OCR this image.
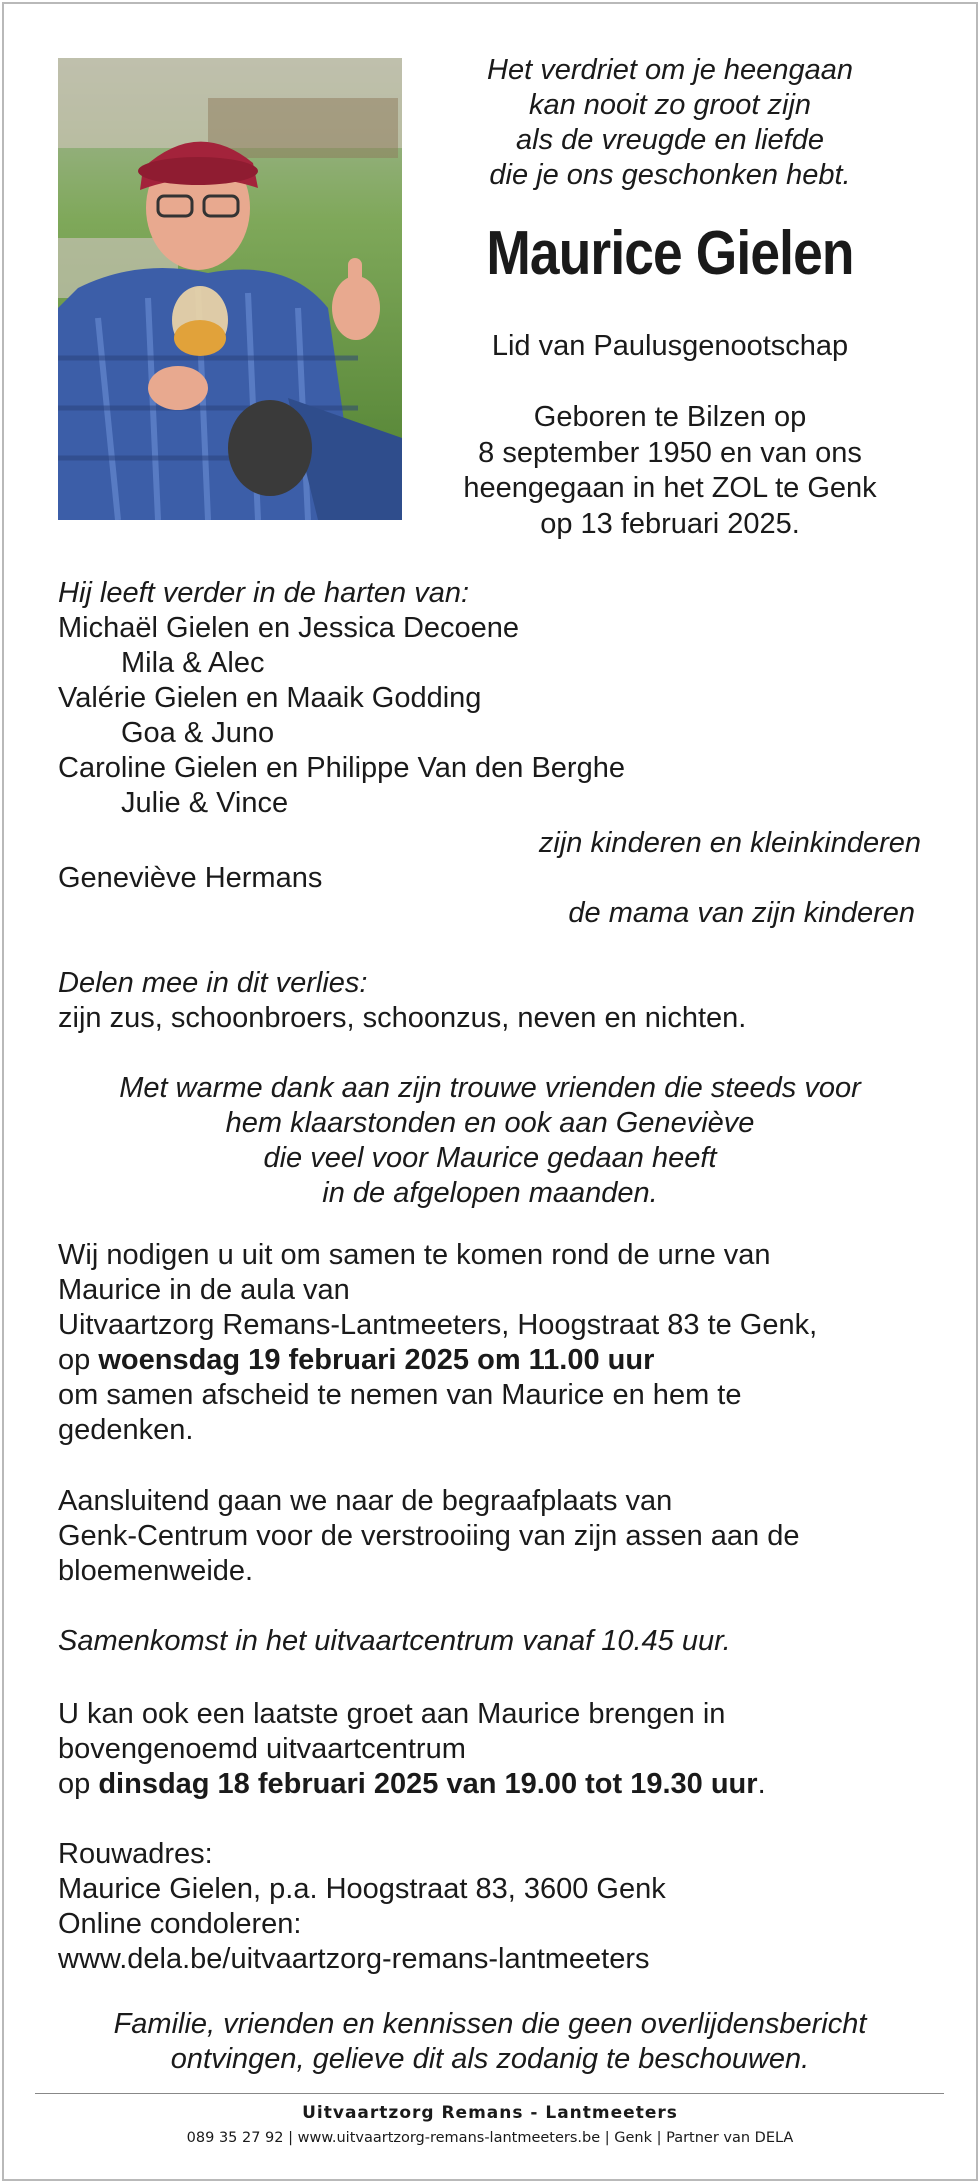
Het verdriet om je heengaan
kan nooit zo groot zijn
als de vreugde en liefde
die je ons geschonken hebt.
Maurice Gielen
Lid van Paulusgenootschap
Geboren te Bilzen op
8 september 1950 en van ons
heengegaan in het ZOL te Genk
op 13 februari 2025.
Hij leeft verder in de harten van:
Michaël Gielen en Jessica Decoene
Mila & Alec
Valérie Gielen en Maaik Godding
Goa & Juno
Caroline Gielen en Philippe Van den Berghe
Julie & Vince
zijn kinderen en kleinkinderen
Geneviève Hermans
de mama van zijn kinderen
Delen mee in dit verlies:
zijn zus, schoonbroers, schoonzus, neven en nichten.
Met warme dank aan zijn trouwe vrienden die steeds voor
hem klaarstonden en ook aan Geneviève
die veel voor Maurice gedaan heeft
in de afgelopen maanden.
Wij nodigen u uit om samen te komen rond de urne van
Maurice in de aula van
Uitvaartzorg Remans-Lantmeeters, Hoogstraat 83 te Genk,
op woensdag 19 februari 2025 om 11.00 uur
om samen afscheid te nemen van Maurice en hem te
gedenken.
Aansluitend gaan we naar de begraafplaats van
Genk-Centrum voor de verstrooiing van zijn assen aan de
bloemenweide.
Samenkomst in het uitvaartcentrum vanaf 10.45 uur.
U kan ook een laatste groet aan Maurice brengen in
bovengenoemd uitvaartcentrum
op dinsdag 18 februari 2025 van 19.00 tot 19.30 uur.
Rouwadres:
Maurice Gielen, p.a. Hoogstraat 83, 3600 Genk
Online condoleren:
www.dela.be/uitvaartzorg-remans-lantmeeters
Familie, vrienden en kennissen die geen overlijdensbericht
ontvingen, gelieve dit als zodanig te beschouwen.
Uitvaartzorg Remans - Lantmeeters
089 35 27 92 | www.uitvaartzorg-remans-lantmeeters.be | Genk | Partner van DELA
